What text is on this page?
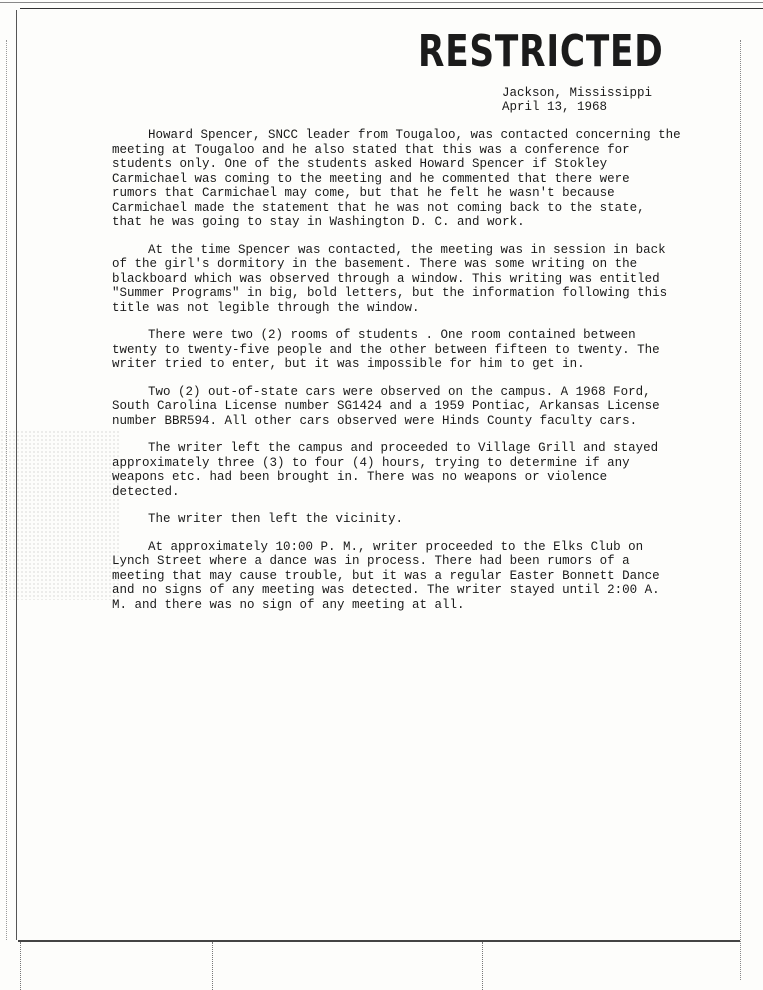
RESTRICTED
Jackson, Mississippi
April 13, 1968

Howard Spencer, SNCC leader from Tougaloo, was contacted concerning the meeting at Tougaloo and he also stated that this was a conference for students only. One of the students asked Howard Spencer if Stokley Carmichael was coming to the meeting and he commented that there were rumors that Carmichael may come, but that he felt he wasn't because Carmichael made the statement that he was not coming back to the state, that he was going to stay in Washington D. C. and work.

At the time Spencer was contacted, the meeting was in session in back of the girl's dormitory in the basement. There was some writing on the blackboard which was observed through a window. This writing was entitled "Summer Programs" in big, bold letters, but the information following this title was not legible through the window.

There were two (2) rooms of students . One room contained between twenty to twenty-five people and the other between fifteen to twenty. The writer tried to enter, but it was impossible for him to get in.

Two (2) out-of-state cars were observed on the campus. A 1968 Ford, South Carolina License number SG1424 and a 1959 Pontiac, Arkansas License number BBR594. All other cars observed were Hinds County faculty cars.

The writer left the campus and proceeded to Village Grill and stayed approximately three (3) to four (4) hours, trying to determine if any weapons etc. had been brought in. There was no weapons or violence detected.

The writer then left the vicinity.

At approximately 10:00 P. M., writer proceeded to the Elks Club on Lynch Street where a dance was in process. There had been rumors of a meeting that may cause trouble, but it was a regular Easter Bonnett Dance and no signs of any meeting was detected. The writer stayed until 2:00 A. M. and there was no sign of any meeting at all.
